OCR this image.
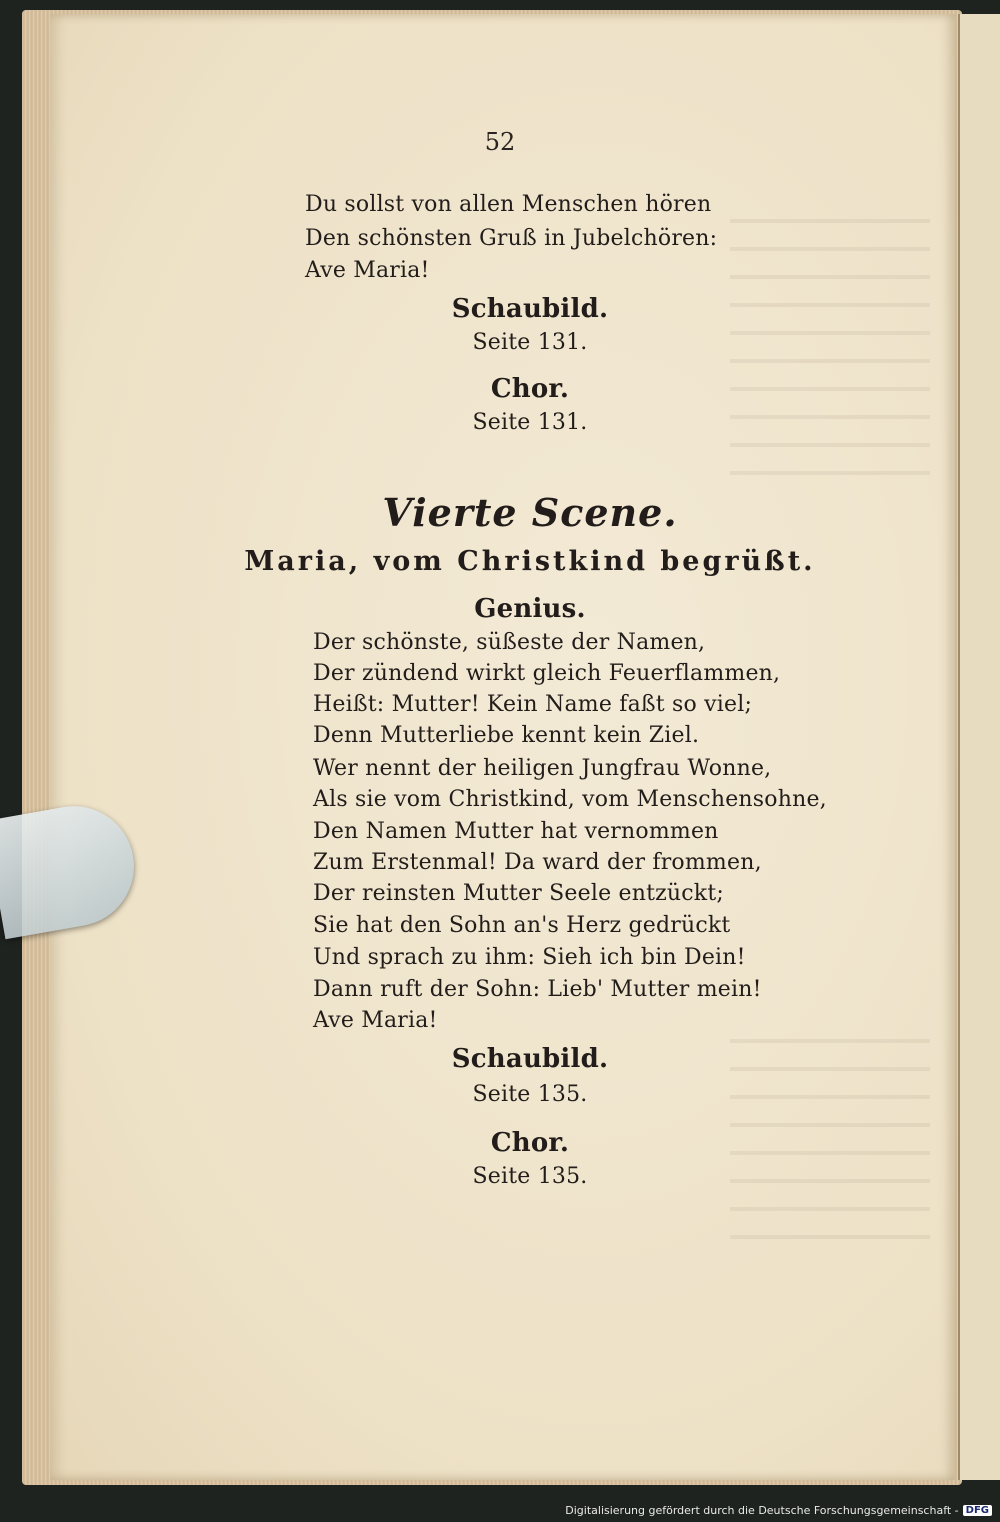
52
Du sollst von allen Menschen hören
Den schönsten Gruß in Jubelchören:
Ave Maria!
Schaubild.
Seite 131.
Chor.
Seite 131.
Vierte Scene.
Maria, vom Christkind begrüßt.
Genius.
Der schönste, süßeste der Namen,
Der zündend wirkt gleich Feuerflammen,
Heißt: Mutter! Kein Name faßt so viel;
Denn Mutterliebe kennt kein Ziel.
Wer nennt der heiligen Jungfrau Wonne,
Als sie vom Christkind, vom Menschensohne,
Den Namen Mutter hat vernommen
Zum Erstenmal! Da ward der frommen,
Der reinsten Mutter Seele entzückt;
Sie hat den Sohn an's Herz gedrückt
Und sprach zu ihm: Sieh ich bin Dein!
Dann ruft der Sohn: Lieb' Mutter mein!
Ave Maria!
Schaubild.
Seite 135.
Chor.
Seite 135.
Digitalisierung gefördert durch die Deutsche Forschungsgemeinschaft - DFG
